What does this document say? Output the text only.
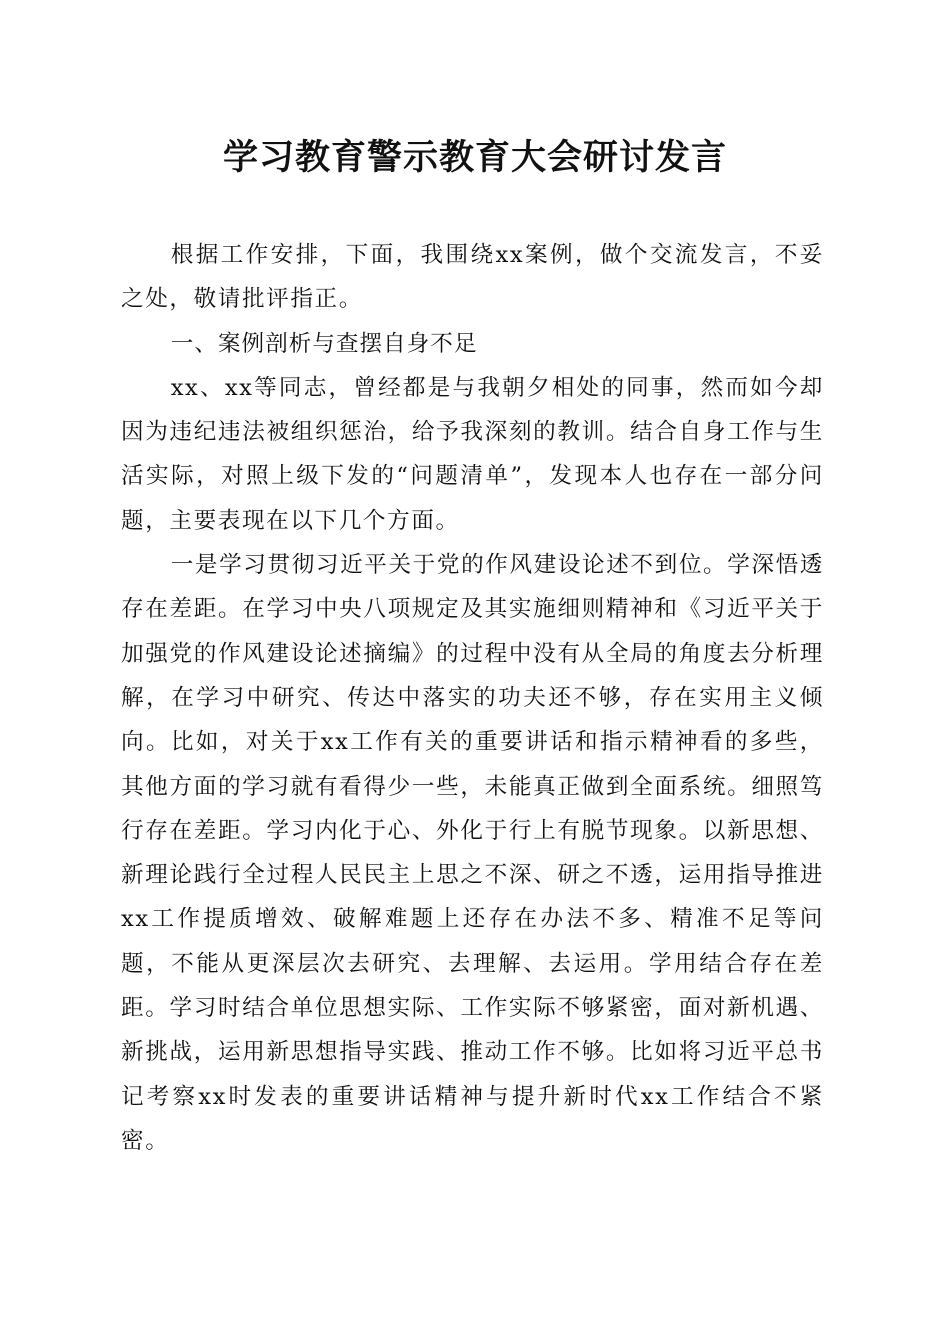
学习教育警示教育大会研讨发言

根据工作安排，下面，我围绕xx案例，做个交流发言，不妥之处，敬请批评指正。

一、案例剖析与查摆自身不足

xx、xx等同志，曾经都是与我朝夕相处的同事，然而如今却因为违纪违法被组织惩治，给予我深刻的教训。结合自身工作与生活实际，对照上级下发的“问题清单”，发现本人也存在一部分问题，主要表现在以下几个方面。

一是学习贯彻习近平关于党的作风建设论述不到位。学深悟透存在差距。在学习中央八项规定及其实施细则精神和《习近平关于加强党的作风建设论述摘编》的过程中没有从全局的角度去分析理解，在学习中研究、传达中落实的功夫还不够，存在实用主义倾向。比如，对关于xx工作有关的重要讲话和指示精神看的多些，其他方面的学习就有看得少一些，未能真正做到全面系统。细照笃行存在差距。学习内化于心、外化于行上有脱节现象。以新思想、新理论践行全过程人民民主上思之不深、研之不透，运用指导推进xx工作提质增效、破解难题上还存在办法不多、精准不足等问题，不能从更深层次去研究、去理解、去运用。学用结合存在差距。学习时结合单位思想实际、工作实际不够紧密，面对新机遇、新挑战，运用新思想指导实践、推动工作不够。比如将习近平总书记考察xx时发表的重要讲话精神与提升新时代xx工作结合不紧密。
